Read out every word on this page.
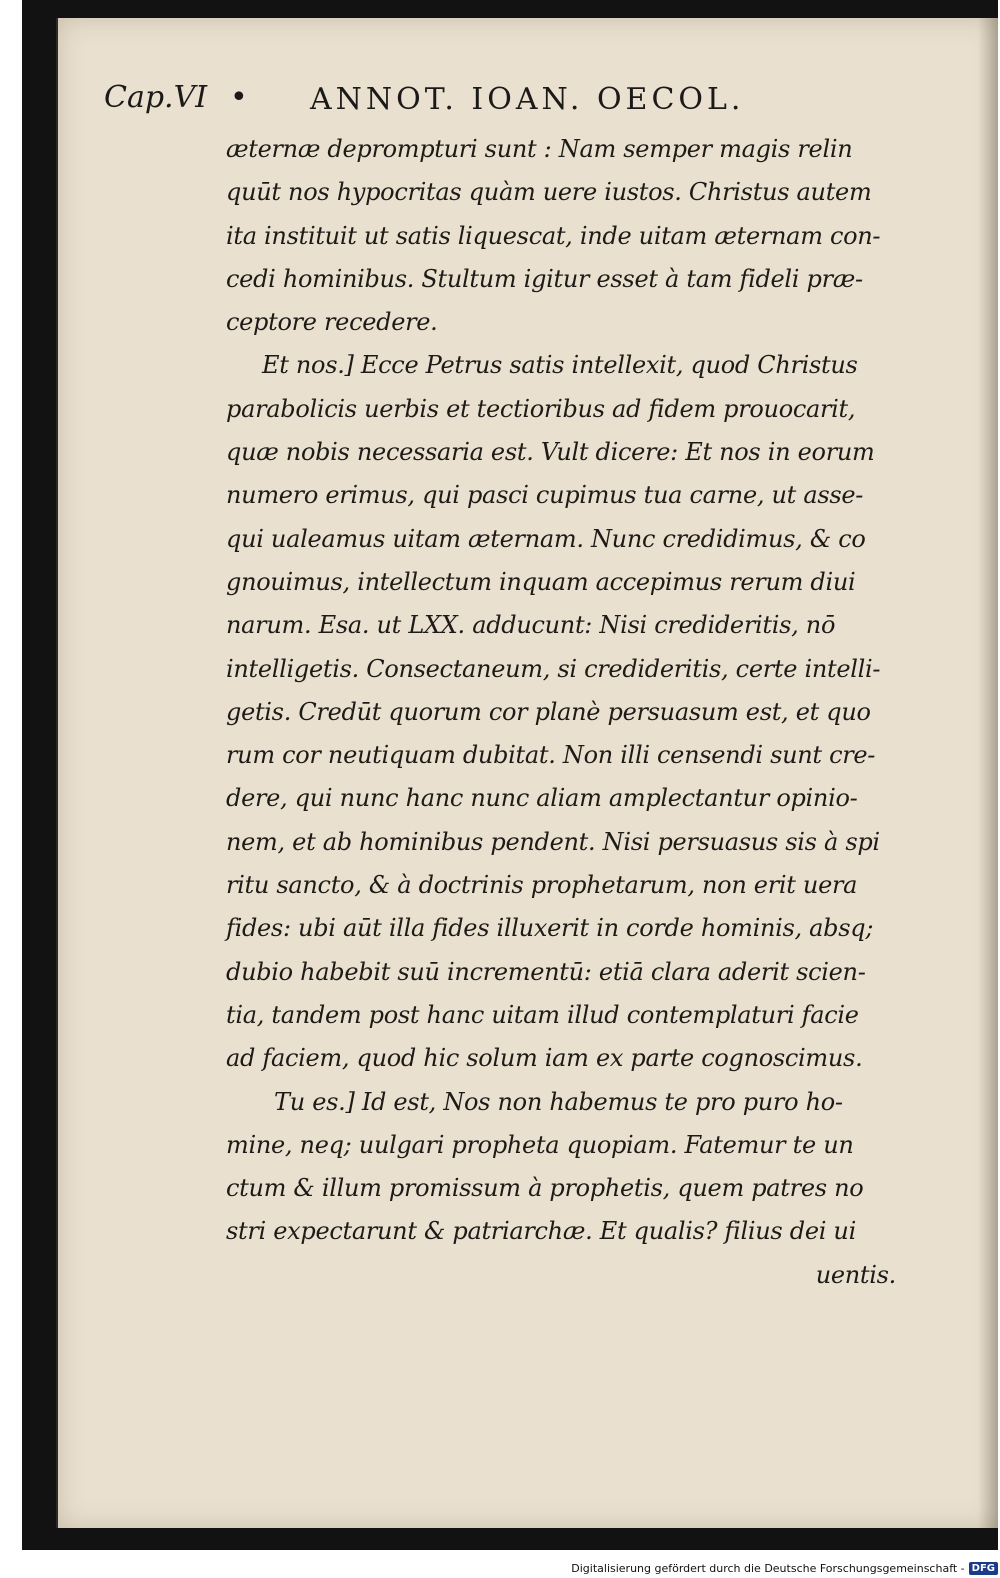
Cap.VI • ANNOT. IOAN. OECOL.
æternæ deprompturi sunt : Nam semper magis relin
quūt nos hypocritas quàm uere iustos. Christus autem
ita instituit ut satis liquescat, inde uitam æternam con-
cedi hominibus. Stultum igitur esset à tam fideli præ-
ceptore recedere.
Et nos.] Ecce Petrus satis intellexit, quod Christus
parabolicis uerbis et tectioribus ad fidem prouocarit,
quæ nobis necessaria est. Vult dicere: Et nos in eorum
numero erimus, qui pasci cupimus tua carne, ut asse-
qui ualeamus uitam æternam. Nunc credidimus, & co
gnouimus, intellectum inquam accepimus rerum diui
narum. Esa. ut LXX. adducunt: Nisi credideritis, nō
intelligetis. Consectaneum, si credideritis, certe intelli-
getis. Credūt quorum cor planè persuasum est, et quo
rum cor neutiquam dubitat. Non illi censendi sunt cre-
dere, qui nunc hanc nunc aliam amplectantur opinio-
nem, et ab hominibus pendent. Nisi persuasus sis à spi
ritu sancto, & à doctrinis prophetarum, non erit uera
fides: ubi aūt illa fides illuxerit in corde hominis, absq;
dubio habebit suū incrementū: etiā clara aderit scien-
tia, tandem post hanc uitam illud contemplaturi facie
ad faciem, quod hic solum iam ex parte cognoscimus.
Tu es.] Id est, Nos non habemus te pro puro ho-
mine, neq; uulgari propheta quopiam. Fatemur te un
ctum & illum promissum à prophetis, quem patres no
stri expectarunt & patriarchæ. Et qualis? filius dei ui
uentis.
Digitalisierung gefördert durch die Deutsche Forschungsgemeinschaft - DFG
